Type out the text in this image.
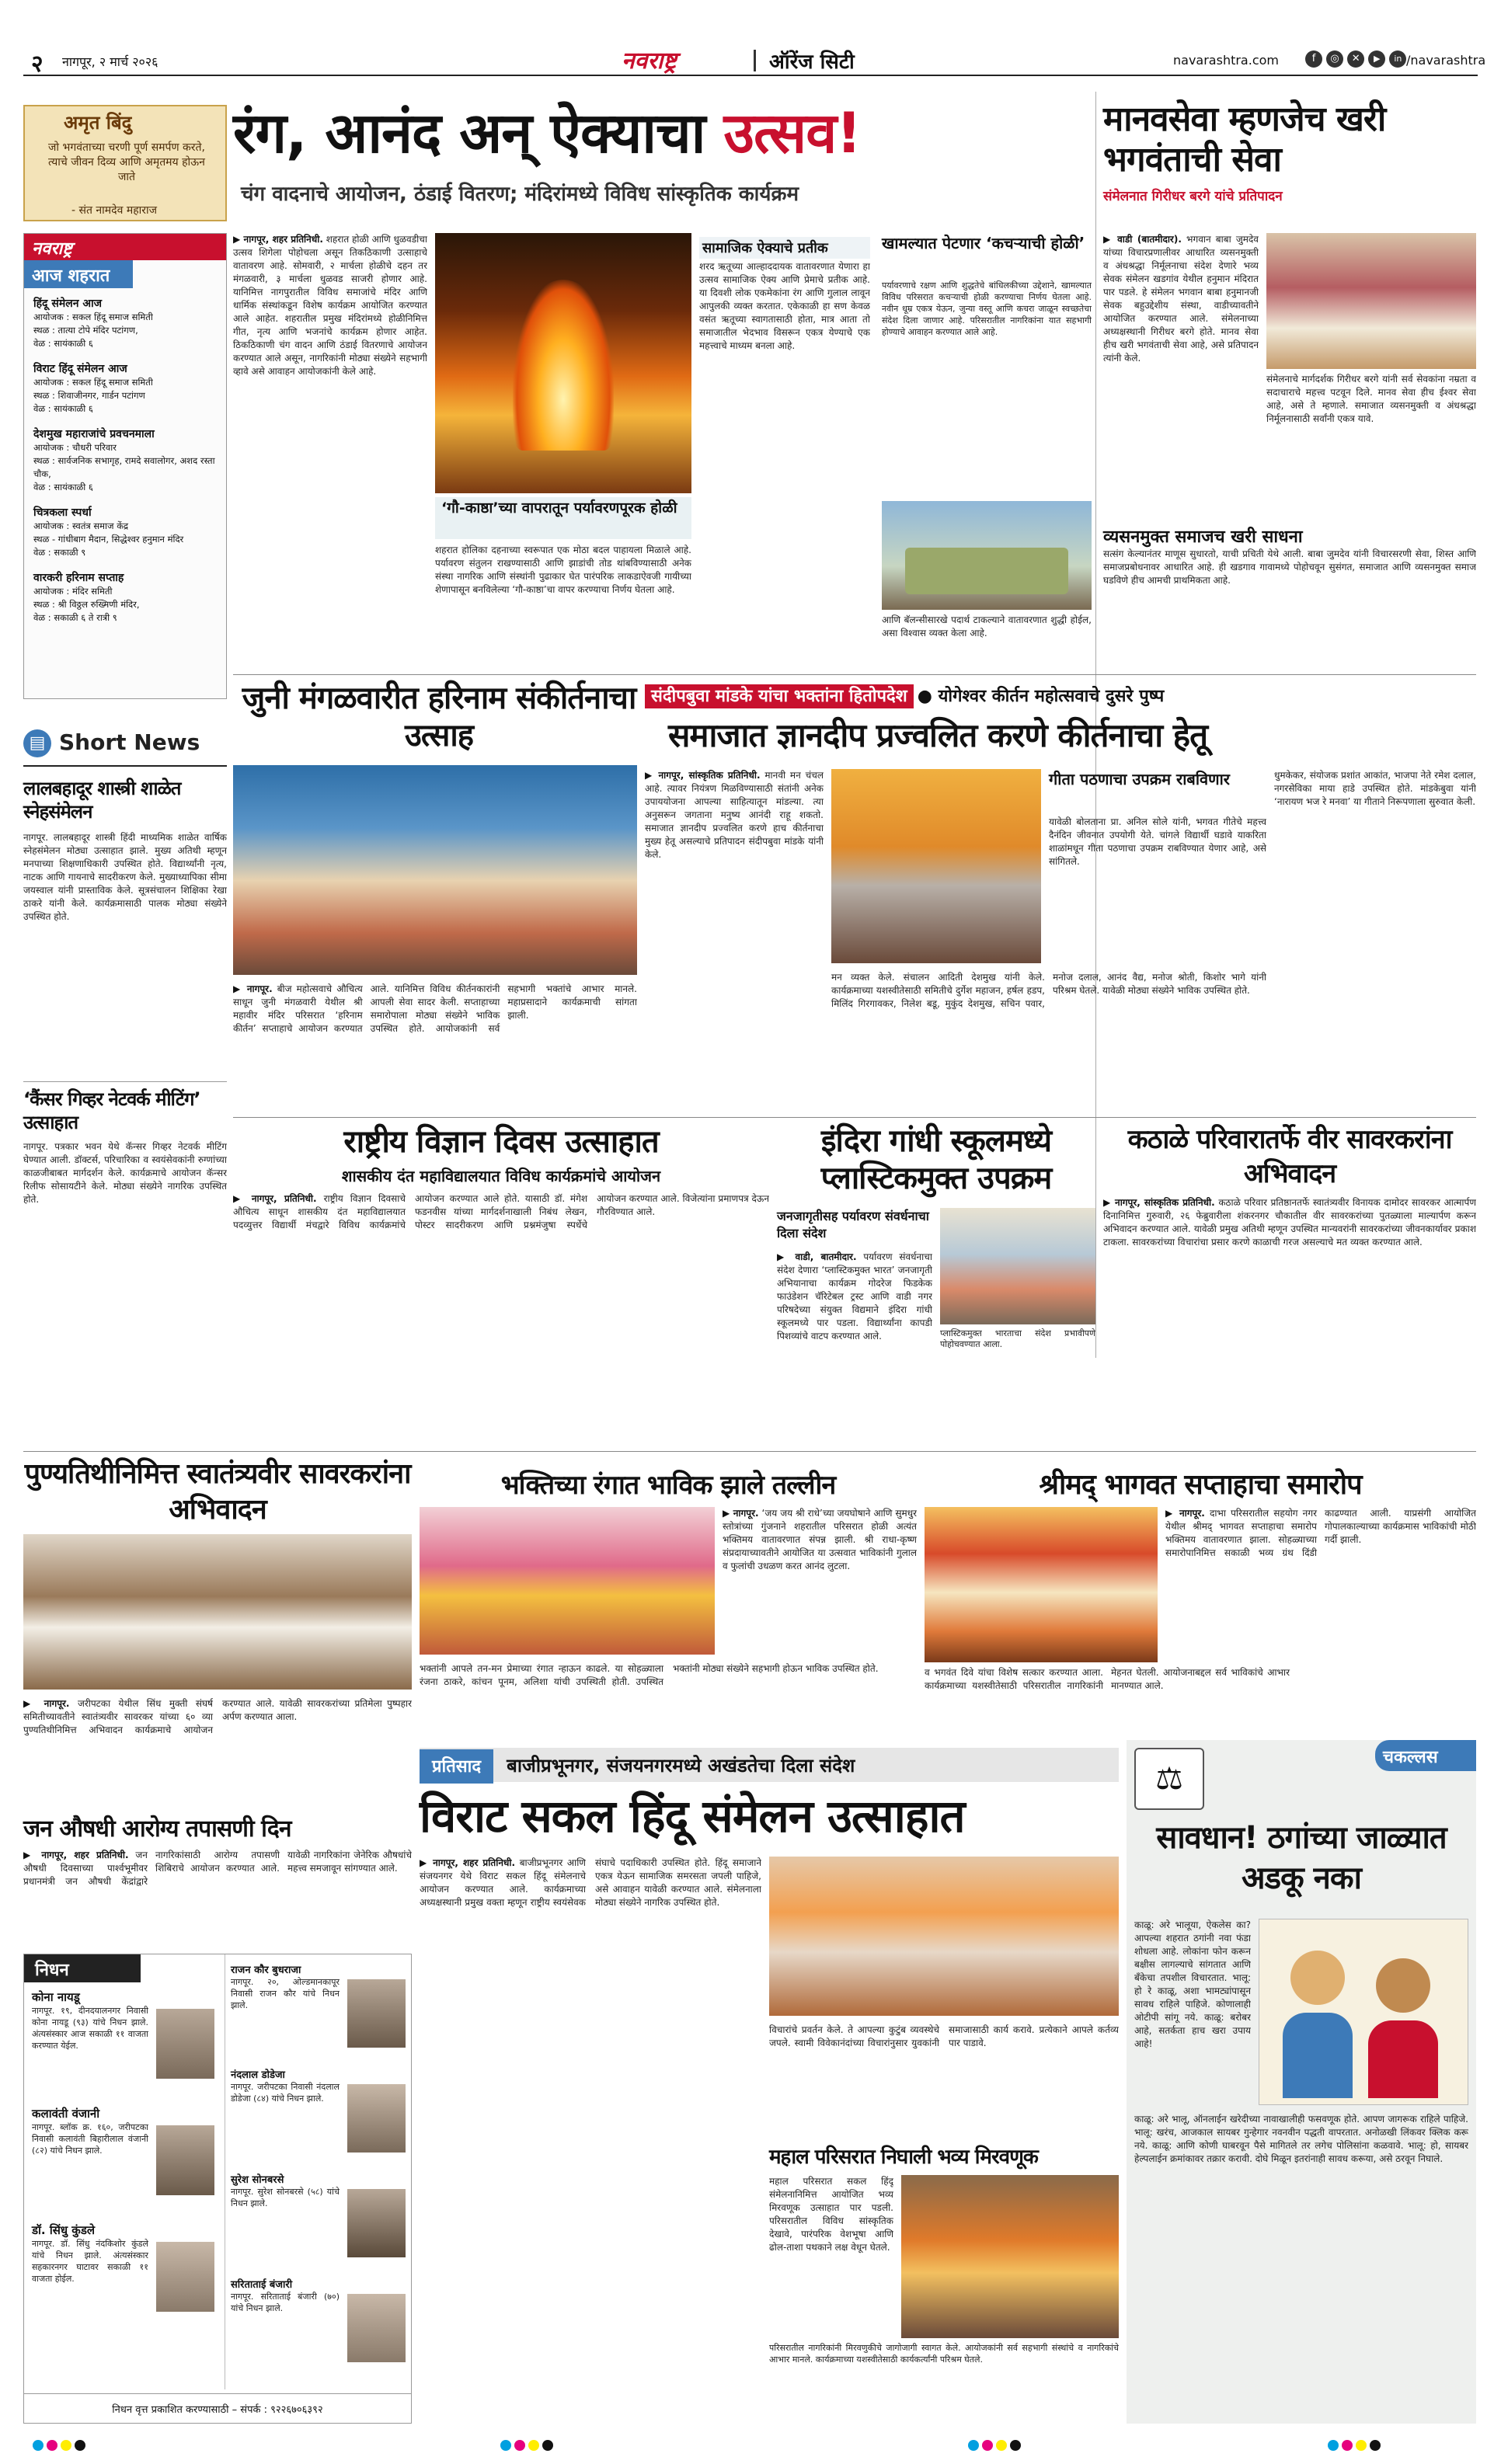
२ नागपूर, २ मार्च २०२६	नवराष्ट्र	ऑरेंज सिटी	navarashtra.com	f ◎ ✕ ▶ in /navarashtra
अमृत बिंदु
जो भगवंताच्या चरणी पूर्ण समर्पण करते, त्याचे जीवन दिव्य आणि अमृतमय होऊन जाते
- संत नामदेव महाराज
नवराष्ट्र
आज शहरात
हिंदू संमेलन आज
आयोजक : सकल हिंदू समाज समिती
स्थळ : तात्या टोपे मंदिर पटांगण,
वेळ : सायंकाळी ६
विराट हिंदू संमेलन आज
आयोजक : सकल हिंदू समाज समिती
स्थळ : शिवाजीनगर, गार्डन पटांगण
वेळ : सायंकाळी ६
देशमुख महाराजांचे प्रवचनमाला
आयोजक : चौधरी परिवार
स्थळ : सार्वजनिक सभागृह, रामदे सवालोगर, अशद रस्ता चौक,
वेळ : सायंकाळी ६
चित्रकला स्पर्धा
आयोजक : स्वतंत्र समाज केंद्र
स्थळ - गांधीबाग मैदान, सिद्धेश्वर हनुमान मंदिर
वेळ : सकाळी ९
वारकरी हरिनाम सप्ताह
आयोजक : मंदिर समिती
स्थळ : श्री विठ्ठल रुख्मिणी मंदिर,
वेळ : सकाळी ६ ते रात्री ९
▤ Short News
लालबहादूर शास्त्री शाळेत स्नेहसंमेलन
नागपूर. लालबहादूर शास्त्री हिंदी माध्यमिक शाळेत वार्षिक स्नेहसंमेलन मोठ्या उत्साहात झाले. मुख्य अतिथी म्हणून मनपाच्या शिक्षणाधिकारी उपस्थित होते. विद्यार्थ्यांनी नृत्य, नाटक आणि गायनाचे सादरीकरण केले. मुख्याध्यापिका सीमा जयस्वाल यांनी प्रास्ताविक केले. सूत्रसंचालन शिक्षिका रेखा ठाकरे यांनी केले. कार्यक्रमासाठी पालक मोठ्या संख्येने उपस्थित होते.
‘कैंसर गिव्हर नेटवर्क मीटिंग’ उत्साहात
नागपूर. पत्रकार भवन येथे कॅन्सर गिव्हर नेटवर्क मीटिंग घेण्यात आली. डॉक्टर्स, परिचारिका व स्वयंसेवकांनी रुग्णांच्या काळजीबाबत मार्गदर्शन केले. कार्यक्रमाचे आयोजन कॅन्सर रिलीफ सोसायटीने केले. मोठ्या संख्येने नागरिक उपस्थित होते.
रंग, आनंद अन् ऐक्याचा उत्सव!
चंग वादनाचे आयोजन, ठंडाई वितरण; मंदिरांमध्ये विविध सांस्कृतिक कार्यक्रम
▶ नागपूर, शहर प्रतिनिधी. शहरात होळी आणि धुळवडीचा उत्सव शिगेला पोहोचला असून तिकठिकाणी उत्साहाचे वातावरण आहे. सोमवारी, २ मार्चला होळीचे दहन तर मंगळवारी, ३ मार्चला धुळवड साजरी होणार आहे. यानिमित्त नागपुरातील विविध समाजांचे मंदिर आणि धार्मिक संस्थांकडून विशेष कार्यक्रम आयोजित करण्यात आले आहेत. शहरातील प्रमुख मंदिरांमध्ये होळीनिमित्त गीत, नृत्य आणि भजनांचे कार्यक्रम होणार आहेत. ठिकठिकाणी चंग वादन आणि ठंडाई वितरणाचे आयोजन करण्यात आले असून, नागरिकांनी मोठ्या संख्येने सहभागी व्हावे असे आवाहन आयोजकांनी केले आहे.
‘गौ-काष्ठा’च्या वापरातून पर्यावरणपूरक होळी
शहरात होलिका दहनाच्या स्वरूपात एक मोठा बदल पाहायला मिळाले आहे. पर्यावरण संतुलन राखण्यासाठी आणि झाडांची तोड थांबविण्यासाठी अनेक संस्था नागरिक आणि संस्थांनी पुढाकार घेत पारंपरिक लाकडाऐवजी गायीच्या शेणापासून बनविलेल्या ‘गौ-काष्ठा’चा वापर करण्याचा निर्णय घेतला आहे.
सामाजिक ऐक्याचे प्रतीक
शरद ऋतूच्या आल्हाददायक वातावरणात येणारा हा उत्सव सामाजिक ऐक्य आणि प्रेमाचे प्रतीक आहे. या दिवशी लोक एकमेकांना रंग आणि गुलाल लावून आपुलकी व्यक्त करतात. एकेकाळी हा सण केवळ वसंत ऋतूच्या स्वागतासाठी होता, मात्र आता तो समाजातील भेदभाव विसरून एकत्र येण्याचे एक महत्त्वाचे माध्यम बनला आहे.
खामल्यात पेटणार ‘कचऱ्याची होळी’
पर्यावरणाचे रक्षण आणि शुद्धतेचे बांधिलकीच्या उद्देशाने, खामल्यात विविध परिसरात कचऱ्याची होळी करण्याचा निर्णय घेतला आहे. नवीन धूम्र एकत्र येऊन, जुन्या वस्तू आणि कचरा जाळून स्वच्छतेचा संदेश दिला जाणार आहे. परिसरातील नागरिकांना यात सहभागी होण्याचे आवाहन करण्यात आले आहे.
आणि बॅलन्सीसारखे पदार्थ टाकल्याने वातावरणात शुद्धी होईल, असा विश्वास व्यक्त केला आहे.
मानवसेवा म्हणजेच खरी भगवंताची सेवा
संमेलनात गिरीधर बरगे यांचे प्रतिपादन
▶ वाडी (बातमीदार). भगवान बाबा जुमदेव यांच्या विचारप्रणालीवर आधारित व्यसनमुक्ती व अंधश्रद्धा निर्मूलनाचा संदेश देणारे भव्य सेवक संमेलन खडगांव येथील हनुमान मंदिरात पार पडले. हे संमेलन भगवान बाबा हनुमानजी सेवक बहुउद्देशीय संस्था, वाडीच्यावतीने आयोजित करण्यात आले. संमेलनाच्या अध्यक्षस्थानी गिरीधर बरगे होते. मानव सेवा हीच खरी भगवंताची सेवा आहे, असे प्रतिपादन त्यांनी केले.
संमेलनाचे मार्गदर्शक गिरीधर बरगे यांनी सर्व सेवकांना नम्रता व सदाचाराचे महत्त्व पटवून दिले. मानव सेवा हीच ईश्वर सेवा आहे, असे ते म्हणाले. समाजात व्यसनमुक्ती व अंधश्रद्धा निर्मूलनासाठी सर्वांनी एकत्र यावे.
व्यसनमुक्त समाजच खरी साधना
सत्संग केल्यानंतर माणूस सुधारतो, याची प्रचिती येथे आली. बाबा जुमदेव यांनी विचारसरणी सेवा, शिस्त आणि समाजप्रबोधनावर आधारित आहे. ही खडगाव गावामध्ये पोहोचवून सुसंगत, समाजात आणि व्यसनमुक्त समाज घडविणे हीच आमची प्राथमिकता आहे.
जुनी मंगळवारीत हरिनाम संकीर्तनाचा उत्साह
▶ नागपूर. बीज महोत्सवाचे औचित्य साधून जुनी मंगळवारी येथील श्री महावीर मंदिर परिसरात ‘हरिनाम कीर्तन’ सप्ताहाचे आयोजन करण्यात आले. यानिमित्त विविध कीर्तनकारांनी आपली सेवा सादर केली. सप्ताहाच्या समारोपाला मोठ्या संख्येने भाविक उपस्थित होते. आयोजकांनी सर्व सहभागी भक्तांचे आभार मानले. महाप्रसादाने कार्यक्रमाची सांगता झाली.
संदीपबुवा मांडके यांचा भक्तांना हितोपदेश ● योगेश्वर कीर्तन महोत्सवाचे दुसरे पुष्प
समाजात ज्ञानदीप प्रज्वलित करणे कीर्तनाचा हेतू
▶ नागपूर, सांस्कृतिक प्रतिनिधी. मानवी मन चंचल आहे. त्यावर नियंत्रण मिळविण्यासाठी संतांनी अनेक उपाययोजना आपल्या साहित्यातून मांडल्या. त्या अनुसरून जगताना मनुष्य आनंदी राहू शकतो. समाजात ज्ञानदीप प्रज्वलित करणे हाच कीर्तनाचा मुख्य हेतू असल्याचे प्रतिपादन संदीपबुवा मांडके यांनी केले.
गीता पठणाचा उपक्रम राबविणार
यावेळी बोलताना प्रा. अनिल सोले यांनी, भगवत गीतेचे महत्त्व दैनंदिन जीवनात उपयोगी येते. चांगले विद्यार्थी घडावे याकरिता शाळांमधून गीता पठणाचा उपक्रम राबविण्यात येणार आहे, असे सांगितले.
धुमकेकर, संयोजक प्रशांत आकांत, भाजपा नेते रमेश दलाल, नगरसेविका माया हाडे उपस्थित होते. मांडकेबुवा यांनी ‘नारायण भज रे मनवा’ या गीताने निरूपणाला सुरुवात केली.
मन व्यक्त केले. संचालन आदिती देशमुख यांनी केले. कार्यक्रमाच्या यशस्वीतेसाठी समितीचे दुर्गेश महाजन, हर्षल हडप, मिलिंद गिरगावकर, निलेश बडू, मुकुंद देशमुख, सचिन पवार, मनोज दलाल, आनंद वैद्य, मनोज श्रोती, किशोर भागे यांनी परिश्रम घेतले. यावेळी मोठ्या संख्येने भाविक उपस्थित होते.
राष्ट्रीय विज्ञान दिवस उत्साहात
शासकीय दंत महाविद्यालयात विविध कार्यक्रमांचे आयोजन
▶ नागपूर, प्रतिनिधी. राष्ट्रीय विज्ञान दिवसाचे औचित्य साधून शासकीय दंत महाविद्यालयात पदव्युत्तर विद्यार्थी मंचद्वारे विविध कार्यक्रमांचे आयोजन करण्यात आले होते. यासाठी डॉ. मंगेश फडनवीस यांच्या मार्गदर्शनाखाली निबंध लेखन, पोस्टर सादरीकरण आणि प्रश्नमंजुषा स्पर्धेचे आयोजन करण्यात आले. विजेत्यांना प्रमाणपत्र देऊन गौरविण्यात आले.
इंदिरा गांधी स्कूलमध्ये प्लास्टिकमुक्त उपक्रम
जनजागृतीसह पर्यावरण संवर्धनाचा दिला संदेश
▶ वाडी, बातमीदार. पर्यावरण संवर्धनाचा संदेश देणारा ‘प्लास्टिकमुक्त भारत’ जनजागृती अभियानाचा कार्यक्रम गोदरेज फिडकेक फाउंडेशन चॅरिटेबल ट्रस्ट आणि वाडी नगर परिषदेच्या संयुक्त विद्यमाने इंदिरा गांधी स्कूलमध्ये पार पडला. विद्यार्थ्यांना कापडी पिशव्यांचे वाटप करण्यात आले.	प्लास्टिकमुक्त भारताचा संदेश प्रभावीपणे पोहोचवण्यात आला.
कठाळे परिवारातर्फे वीर सावरकरांना अभिवादन
▶ नागपूर, सांस्कृतिक प्रतिनिधी. कठाळे परिवार प्रतिष्ठानतर्फे स्वातंत्र्यवीर विनायक दामोदर सावरकर आत्मार्पण दिनानिमित्त गुरुवारी, २६ फेब्रुवारीला शंकरनगर चौकातील वीर सावरकरांच्या पुतळ्याला माल्यार्पण करून अभिवादन करण्यात आले. यावेळी प्रमुख अतिथी म्हणून उपस्थित मान्यवरांनी सावरकरांच्या जीवनकार्यावर प्रकाश टाकला. सावरकरांच्या विचारांचा प्रसार करणे काळाची गरज असल्याचे मत व्यक्त करण्यात आले.
पुण्यतिथीनिमित्त स्वातंत्र्यवीर सावरकरांना अभिवादन
▶ नागपूर. जरीपटका येथील सिंध मुक्ती संघर्ष समितीच्यावतीने स्वातंत्र्यवीर सावरकर यांच्या ६० व्या पुण्यतिथीनिमित्त अभिवादन कार्यक्रमाचे आयोजन करण्यात आले. यावेळी सावरकरांच्या प्रतिमेला पुष्पहार अर्पण करण्यात आला.
भक्तिच्या रंगात भाविक झाले तल्लीन
▶ नागपूर. ‘जय जय श्री राधे’च्या जयघोषाने आणि सुमधुर स्तोत्रांच्या गुंजनाने शहरातील परिसरात होळी अत्यंत भक्तिमय वातावरणात संपन्न झाली. श्री राधा-कृष्ण संप्रदायाच्यावतीने आयोजित या उत्सवात भाविकांनी गुलाल व फुलांची उधळण करत आनंद लुटला.
भक्तांनी आपले तन-मन प्रेमाच्या रंगात न्हाऊन काढले. या सोहळ्याला रंजना ठाकरे, कांचन पूनम, अलिशा यांची उपस्थिती होती. उपस्थित भक्तांनी मोठ्या संख्येने सहभागी होऊन भाविक उपस्थित होते.
श्रीमद् भागवत सप्ताहाचा समारोप
▶ नागपूर. दाभा परिसरातील सहयोग नगर येथील श्रीमद् भागवत सप्ताहाचा समारोप भक्तिमय वातावरणात झाला. सोहळ्याच्या समारोपानिमित्त सकाळी भव्य ग्रंथ दिंडी काढण्यात आली. याप्रसंगी आयोजित गोपालकाल्याच्या कार्यक्रमास भाविकांची मोठी गर्दी झाली.
व भगवंत दिवे यांचा विशेष सत्कार करण्यात आला. कार्यक्रमाच्या यशस्वीतेसाठी परिसरातील नागरिकांनी मेहनत घेतली. आयोजनाबद्दल सर्व भाविकांचे आभार मानण्यात आले.
जन औषधी आरोग्य तपासणी दिन
▶ नागपूर, शहर प्रतिनिधी. जन औषधी दिवसाच्या पार्श्वभूमीवर प्रधानमंत्री जन औषधी केंद्रांद्वारे नागरिकांसाठी आरोग्य तपासणी शिबिराचे आयोजन करण्यात आले. यावेळी नागरिकांना जेनेरिक औषधांचे महत्त्व समजावून सांगण्यात आले.
निधन
कोना नायडू
नागपूर. १९, दीनदयालनगर निवासी कोना नायडू (९३) यांचे निधन झाले. अंत्यसंस्कार आज सकाळी ११ वाजता करण्यात येईल.
कलावंती वंजानी
नागपूर. ब्लॉक क्र. १६०, जरीपटका निवासी कलावंती बिहारीलाल वंजानी (८२) यांचे निधन झाले.
डॉ. सिंधु कुंडले
नागपूर. डॉ. सिंधु नंदकिशोर कुंडले यांचे निधन झाले. अंत्यसंस्कार सहकारनगर घाटावर सकाळी ११ वाजता होईल.
राजन कौर बुधराजा
नागपूर. २०, ओल्डमानकापूर निवासी राजन कौर यांचे निधन झाले.
नंदलाल डोडेजा
नागपूर. जरीपटका निवासी नंदलाल डोडेजा (८४) यांचे निधन झाले.
सुरेश सोनबरसे
नागपूर. सुरेश सोनबरसे (५८) यांचे निधन झाले.
सरिताताई बंजारी
नागपूर. सरिताताई बंजारी (७०) यांचे निधन झाले.
निधन वृत्त प्रकाशित करण्यासाठी – संपर्क : ९२२६७०६३९२
प्रतिसाद बाजीप्रभूनगर, संजयनगरमध्ये अखंडतेचा दिला संदेश
विराट सकल हिंदू संमेलन उत्साहात
▶ नागपूर, शहर प्रतिनिधी. बाजीप्रभूनगर आणि संजयनगर येथे विराट सकल हिंदू संमेलनाचे आयोजन करण्यात आले. कार्यक्रमाच्या अध्यक्षस्थानी प्रमुख वक्ता म्हणून राष्ट्रीय स्वयंसेवक संघाचे पदाधिकारी उपस्थित होते. हिंदू समाजाने एकत्र येऊन सामाजिक समरसता जपली पाहिजे, असे आवाहन यावेळी करण्यात आले. संमेलनाला मोठ्या संख्येने नागरिक उपस्थित होते.
विचारांचे प्रवर्तन केले. ते आपल्या कुटुंब व्यवस्थेचे जपले. स्वामी विवेकानंदांच्या विचारांनुसार युवकांनी समाजासाठी कार्य करावे. प्रत्येकाने आपले कर्तव्य पार पाडावे.
महाल परिसरात निघाली भव्य मिरवणूक
महाल परिसरात सकल हिंदू संमेलनानिमित्त आयोजित भव्य मिरवणूक उत्साहात पार पडली. परिसरातील विविध सांस्कृतिक देखावे, पारंपरिक वेशभूषा आणि ढोल-ताशा पथकाने लक्ष वेधून घेतले.
परिसरातील नागरिकांनी मिरवणुकीचे जागोजागी स्वागत केले. आयोजकांनी सर्व सहभागी संस्थांचे व नागरिकांचे आभार मानले. कार्यक्रमाच्या यशस्वीतेसाठी कार्यकर्त्यांनी परिश्रम घेतले.
चकल्लस
⚖
सावधान! ठगांच्या जाळ्यात अडकू नका
काळू: अरे भालूया, ऐकलेस का? आपल्या शहरात ठगांनी नवा फंडा शोधला आहे. लोकांना फोन करून बक्षीस लागल्याचे सांगतात आणि बँकेचा तपशील विचारतात. भालू: हो रे काळू, अशा भामट्यांपासून सावध राहिले पाहिजे. कोणालाही ओटीपी सांगू नये. काळू: बरोबर आहे, सतर्कता हाच खरा उपाय आहे!
काळू: अरे भालू, ऑनलाईन खरेदीच्या नावाखालीही फसवणूक होते. आपण जागरूक राहिले पाहिजे. भालू: खरंच, आजकाल सायबर गुन्हेगार नवनवीन पद्धती वापरतात. अनोळखी लिंकवर क्लिक करू नये. काळू: आणि कोणी घाबरवून पैसे मागितले तर लगेच पोलिसांना कळवावे. भालू: हो, सायबर हेल्पलाईन क्रमांकावर तक्रार करावी. दोघे मिळून इतरांनाही सावध करूया, असे ठरवून निघाले.
